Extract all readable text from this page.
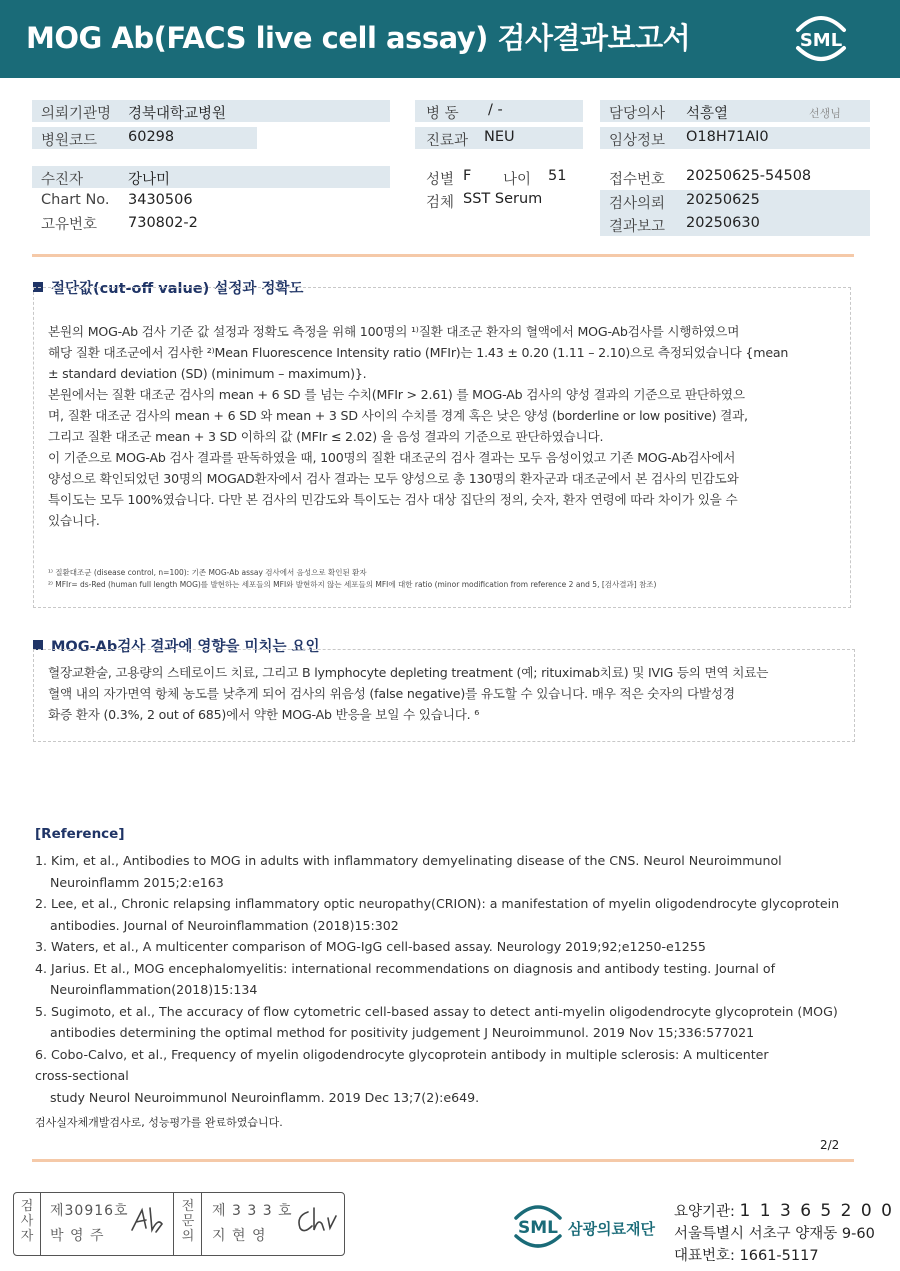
MOG Ab(FACS live cell assay) 검사결과보고서	SML
의뢰기관명 경북대학교병원
병원코드 60298
병 동 / -
진료과 NEU
담당의사 석흥열	선생님
임상정보 O18H71AI0
수진자	강나미
Chart No. 3430506
고유번호 730802-2
성별 F 나이 51
검체 SST Serum
접수번호 20250625-54508
검사의뢰 20250625
결과보고 20250630
절단값(cut-off value) 설정과 정확도

본원의 MOG-Ab 검사 기준 값 설정과 정확도 측정을 위해 100명의 ¹⁾질환 대조군 환자의 혈액에서 MOG-Ab검사를 시행하였으며

해당 질환 대조군에서 검사한 ²⁾Mean Fluorescence Intensity ratio (MFIr)는 1.43 ± 0.20 (1.11 – 2.10)으로 측정되었습니다 {mean

± standard deviation (SD) (minimum – maximum)}.

본원에서는 질환 대조군 검사의 mean + 6 SD 를 넘는 수치(MFIr > 2.61) 를 MOG-Ab 검사의 양성 결과의 기준으로 판단하였으

며, 질환 대조군 검사의 mean + 6 SD 와 mean + 3 SD 사이의 수치를 경계 혹은 낮은 양성 (borderline or low positive) 결과,

그리고 질환 대조군 mean + 3 SD 이하의 값 (MFIr ≤ 2.02) 을 음성 결과의 기준으로 판단하였습니다.

이 기준으로 MOG-Ab 검사 결과를 판독하였을 때, 100명의 질환 대조군의 검사 결과는 모두 음성이었고 기존 MOG-Ab검사에서

양성으로 확인되었던 30명의 MOGAD환자에서 검사 결과는 모두 양성으로 총 130명의 환자군과 대조군에서 본 검사의 민감도와

특이도는 모두 100%였습니다. 다만 본 검사의 민감도와 특이도는 검사 대상 집단의 정의, 숫자, 환자 연령에 따라 차이가 있을 수

있습니다.

¹⁾ 질환대조군 (disease control, n=100): 기존 MOG-Ab assay 검사에서 음성으로 확인된 환자
²⁾ MFIr= ds-Red (human full length MOG)를 발현하는 세포들의 MFI와 발현하지 않는 세포들의 MFI에 대한 ratio (minor modification from reference 2 and 5, [검사결과] 참조)
MOG-Ab검사 결과에 영향을 미치는 요인

혈장교환술, 고용량의 스테로이드 치료, 그리고 B lymphocyte depleting treatment (예; rituximab치료) 및 IVIG 등의 면역 치료는

혈액 내의 자가면역 항체 농도를 낮추게 되어 검사의 위음성 (false negative)를 유도할 수 있습니다. 매우 적은 숫자의 다발성경

화증 환자 (0.3%, 2 out of 685)에서 약한 MOG-Ab 반응을 보일 수 있습니다. ⁶

[Reference]

1. Kim, et al., Antibodies to MOG in adults with inflammatory demyelinating disease of the CNS. Neurol Neuroimmunol

Neuroinflamm 2015;2:e163

2. Lee, et al., Chronic relapsing inflammatory optic neuropathy(CRION): a manifestation of myelin oligodendrocyte glycoprotein

antibodies. Journal of Neuroinflammation (2018)15:302

3. Waters, et al., A multicenter comparison of MOG-IgG cell-based assay. Neurology 2019;92;e1250-e1255

4. Jarius. Et al., MOG encephalomyelitis: international recommendations on diagnosis and antibody testing. Journal of

Neuroinflammation(2018)15:134

5. Sugimoto, et al., The accuracy of flow cytometric cell-based assay to detect anti-myelin oligodendrocyte glycoprotein (MOG)

antibodies determining the optimal method for positivity judgement J Neuroimmunol. 2019 Nov 15;336:577021

6. Cobo-Calvo, et al., Frequency of myelin oligodendrocyte glycoprotein antibody in multiple sclerosis: A multicenter

cross-sectional

study Neurol Neuroimmunol Neuroinflamm. 2019 Dec 13;7(2):e649.

검사실자체개발검사로, 성능평가를 완료하였습니다.
2/2
검
사
자
제30916호
박 영 주
전
문
의
제 3 3 3 호
지 현 영	SML 삼광의료재단
요양기관: 1 1 3 6 5 2 0 0
서울특별시 서초구 양재동 9-60
대표번호: 1661-5117
